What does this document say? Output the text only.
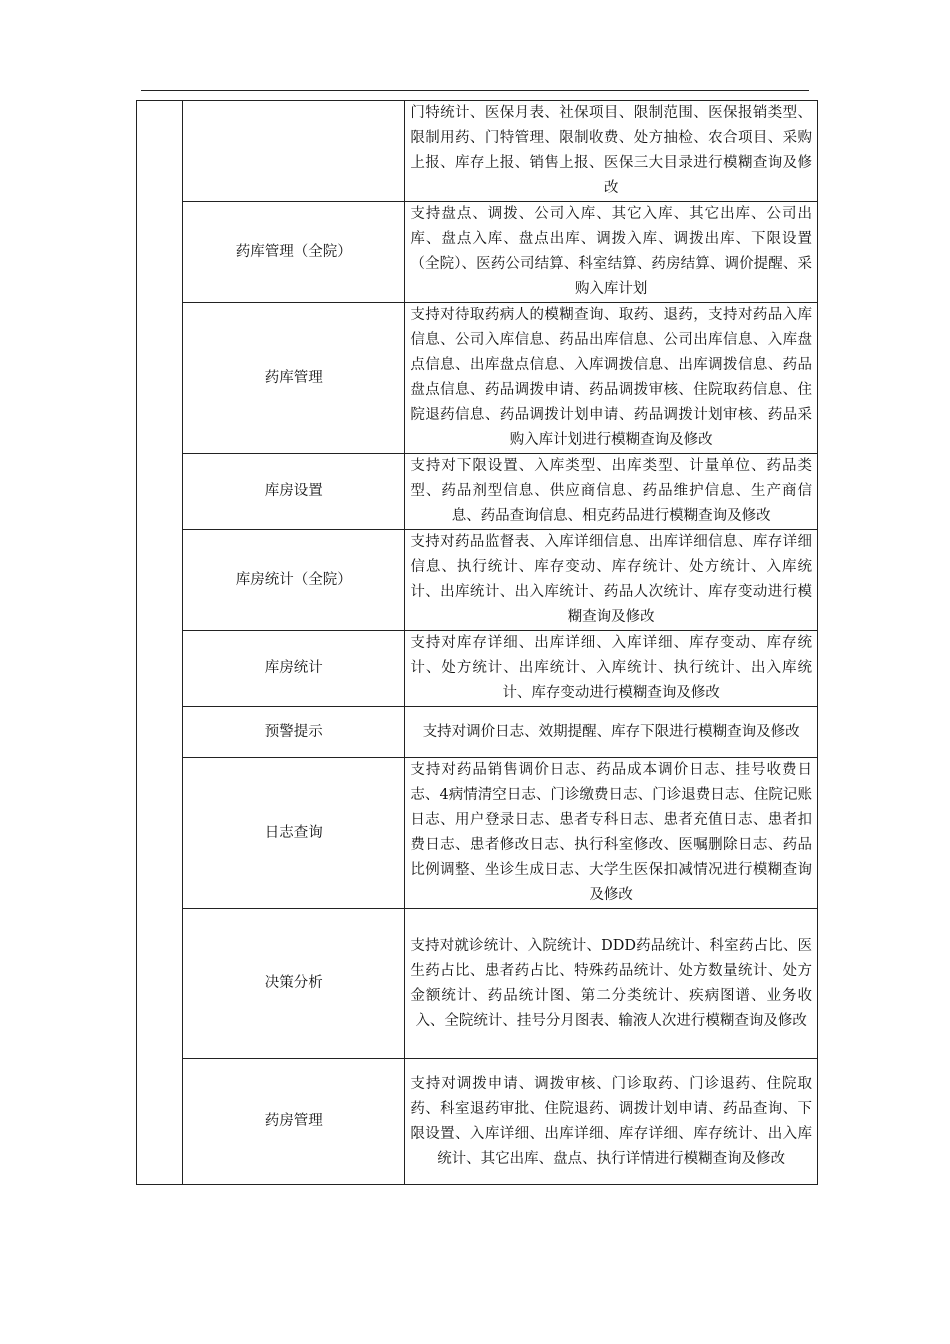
		门特统计、医保月表、社保项目、限制范围、医保报销类型、限制用药、门特管理、限制收费、处方抽检、农合项目、采购上报、库存上报、销售上报、医保三大目录进行模糊查询及修改
	药库管理（全院）	支持盘点、调拨、公司入库、其它入库、其它出库、公司出库、盘点入库、盘点出库、调拨入库、调拨出库、下限设置（全院）、医药公司结算、科室结算、药房结算、调价提醒、采购入库计划
	药库管理	支持对待取药病人的模糊查询、取药、退药，支持对药品入库信息、公司入库信息、药品出库信息、公司出库信息、入库盘点信息、出库盘点信息、入库调拨信息、出库调拨信息、药品盘点信息、药品调拨申请、药品调拨审核、住院取药信息、住院退药信息、药品调拨计划申请、药品调拨计划审核、药品采购入库计划进行模糊查询及修改
	库房设置	支持对下限设置、入库类型、出库类型、计量单位、药品类型、药品剂型信息、供应商信息、药品维护信息、生产商信息、药品查询信息、相克药品进行模糊查询及修改
	库房统计（全院）	支持对药品监督表、入库详细信息、出库详细信息、库存详细信息、执行统计、库存变动、库存统计、处方统计、入库统计、出库统计、出入库统计、药品人次统计、库存变动进行模糊查询及修改
	库房统计	支持对库存详细、出库详细、入库详细、库存变动、库存统计、处方统计、出库统计、入库统计、执行统计、出入库统计、库存变动进行模糊查询及修改
	预警提示	支持对调价日志、效期提醒、库存下限进行模糊查询及修改
	日志查询	支持对药品销售调价日志、药品成本调价日志、挂号收费日志、4病情清空日志、门诊缴费日志、门诊退费日志、住院记账日志、用户登录日志、患者专科日志、患者充值日志、患者扣费日志、患者修改日志、执行科室修改、医嘱删除日志、药品比例调整、坐诊生成日志、大学生医保扣减情况进行模糊查询及修改
	决策分析	支持对就诊统计、入院统计、DDD药品统计、科室药占比、医生药占比、患者药占比、特殊药品统计、处方数量统计、处方金额统计、药品统计图、第二分类统计、疾病图谱、业务收入、全院统计、挂号分月图表、输液人次进行模糊查询及修改
	药房管理	支持对调拨申请、调拨审核、门诊取药、门诊退药、住院取药、科室退药审批、住院退药、调拨计划申请、药品查询、下限设置、入库详细、出库详细、库存详细、库存统计、出入库统计、其它出库、盘点、执行详情进行模糊查询及修改
